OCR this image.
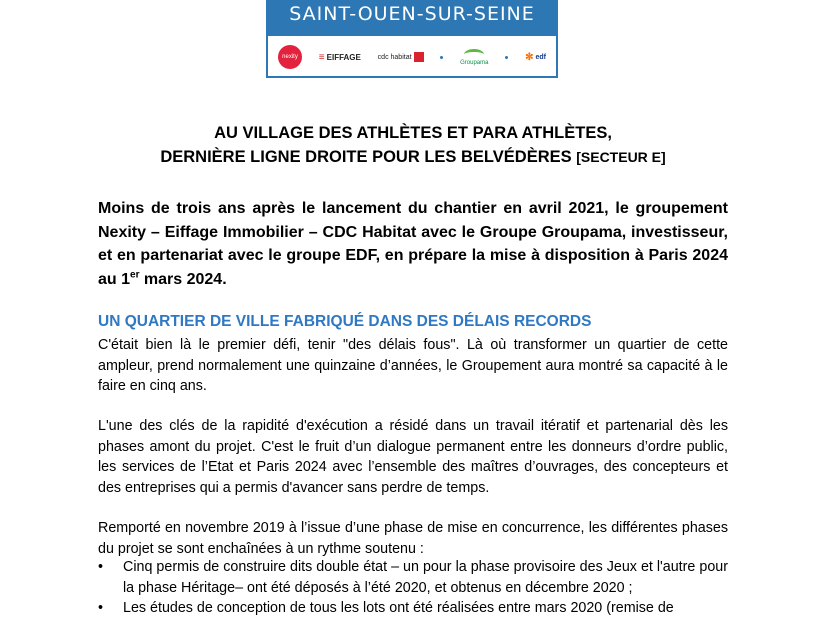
SAINT-OUEN-SUR-SEINE
nexity ≡ EIFFAGE cdc habitat
Groupama	✻ edf
AU VILLAGE DES ATHLÈTES ET PARA ATHLÈTES,
DERNIÈRE LIGNE DROITE POUR LES BELVÉDÈRES [SECTEUR E]
Moins de trois ans après le lancement du chantier en avril 2021, le groupement Nexity – Eiffage Immobilier – CDC Habitat avec le Groupe Groupama, investisseur, et en partenariat avec le groupe EDF, en prépare la mise à disposition à Paris 2024 au 1er mars 2024.
UN QUARTIER DE VILLE FABRIQUÉ DANS DES DÉLAIS RECORDS
C'était bien là le premier défi, tenir "des délais fous". Là où transformer un quartier de cette ampleur, prend normalement une quinzaine d’années, le Groupement aura montré sa capacité à le faire en cinq ans.
L'une des clés de la rapidité d'exécution a résidé dans un travail itératif et partenarial dès les phases amont du projet. C'est le fruit d’un dialogue permanent entre les donneurs d’ordre public, les services de l’Etat et Paris 2024 avec l’ensemble des maîtres d’ouvrages, des concepteurs et des entreprises qui a permis d'avancer sans perdre de temps.
Remporté en novembre 2019 à l’issue d’une phase de mise en concurrence, les différentes phases du projet se sont enchaînées à un rythme soutenu :
•	Cinq permis de construire dits double état – un pour la phase provisoire des Jeux et l'autre pour la phase Héritage– ont été déposés à l’été 2020, et obtenus en décembre 2020 ;
•	Les études de conception de tous les lots ont été réalisées entre mars 2020 (remise de
